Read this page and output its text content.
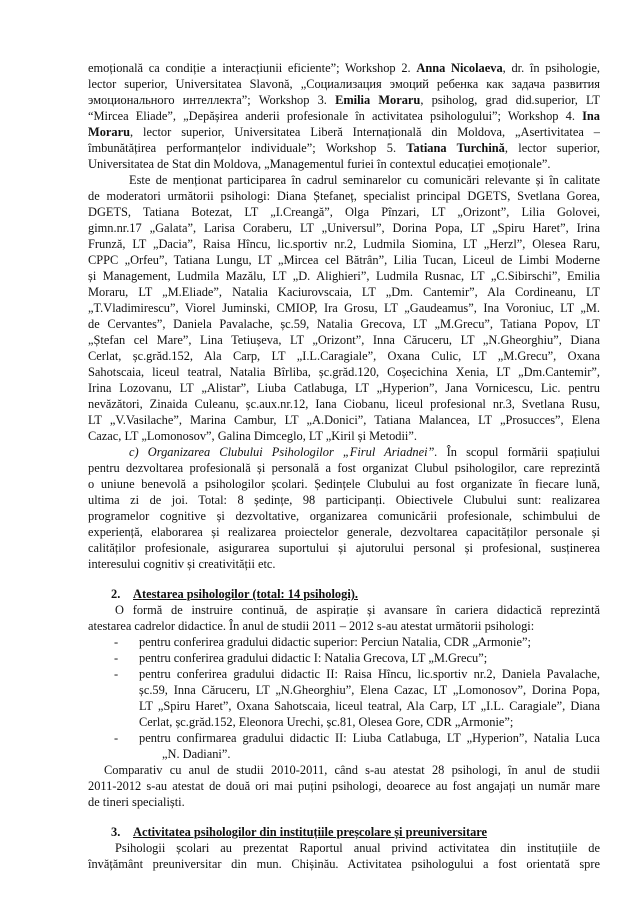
emoțională ca condiție a interacțiunii eficiente”; Workshop 2. Anna Nicolaeva, dr. în psihologie,
lector superior, Universitatea Slavonă, „Социализация эмоций ребенка как задача развития
эмоционального интеллекта”; Workshop 3. Emilia Moraru, psiholog, grad did.superior, LT
“Mircea Eliade”, „Depășirea anderii profesionale în activitatea psihologului”; Workshop 4. Ina
Moraru, lector superior, Universitatea Liberă Internațională din Moldova, „Asertivitatea –
îmbunătățirea performanțelor individuale”; Workshop 5. Tatiana Turchină, lector superior,
Universitatea de Stat din Moldova, „Managementul furiei în contextul educației emoționale”.
Este de menționat participarea în cadrul seminarelor cu comunicări relevante și în calitate
de moderatori următorii psihologi: Diana Ștefaneț, specialist principal DGETS, Svetlana Gorea,
DGETS, Tatiana Botezat, LT „I.Creangă”, Olga Pînzari, LT „Orizont”, Lilia Golovei,
gimn.nr.17 „Galata”, Larisa Coraberu, LT „Universul”, Dorina Popa, LT „Spiru Haret”, Irina
Frunză, LT „Dacia”, Raisa Hîncu, lic.sportiv nr.2, Ludmila Siomina, LT „Herzl”, Olesea Raru,
CPPC „Orfeu”, Tatiana Lungu, LT „Mircea cel Bătrân”, Lilia Tucan, Liceul de Limbi Moderne
și Management, Ludmila Mazălu, LT „D. Alighieri”, Ludmila Rusnac, LT „C.Sibirschi”, Emilia
Moraru, LT „M.Eliade”, Natalia Kaciurovscaia, LT „Dm. Cantemir”, Ala Cordineanu, LT
„T.Vladimirescu”, Viorel Juminski, CMIOP, Ira Grosu, LT „Gaudeamus”, Ina Voroniuc, LT „M.
de Cervantes”, Daniela Pavalache, șc.59, Natalia Grecova, LT „M.Grecu”, Tatiana Popov, LT
„Ștefan cel Mare”, Lina Tetiușeva, LT „Orizont”, Inna Căruceru, LT „N.Gheorghiu”, Diana
Cerlat, șc.grăd.152, Ala Carp, LT „I.L.Caragiale”, Oxana Culic, LT „M.Grecu”, Oxana
Sahotscaia, liceul teatral, Natalia Bîrliba, șc.grăd.120, Coșecichina Xenia, LT „Dm.Cantemir”,
Irina Lozovanu, LT „Alistar”, Liuba Catlabuga, LT „Hyperion”, Jana Vornicescu, Lic. pentru
nevăzători, Zinaida Culeanu, șc.aux.nr.12, Iana Ciobanu, liceul profesional nr.3, Svetlana Rusu,
LT „V.Vasilache”, Marina Cambur, LT „A.Donici”, Tatiana Malancea, LT „Prosucces”, Elena
Cazac, LT „Lomonosov”, Galina Dimceglo, LT „Kiril și Metodii”.
c) Organizarea Clubului Psihologilor „Firul Ariadnei”. În scopul formării spațiului
pentru dezvoltarea profesională și personală a fost organizat Clubul psihologilor, care reprezintă
o uniune benevolă a psihologilor școlari. Ședințele Clubului au fost organizate în fiecare lună,
ultima zi de joi. Total: 8 ședințe, 98 participanți. Obiectivele Clubului sunt: realizarea
programelor cognitive și dezvoltative, organizarea comunicării profesionale, schimbului de
experiență, elaborarea și realizarea proiectelor generale, dezvoltarea capacităților personale și
calităților profesionale, asigurarea suportului și ajutorului personal și profesional, susținerea
interesului cognitiv și creativității etc.
2. Atestarea psihologilor (total: 14 psihologi).
O formă de instruire continuă, de aspirație și avansare în cariera didactică reprezintă
atestarea cadrelor didactice. În anul de studii 2011 – 2012 s-au atestat următorii psihologi:
- pentru conferirea gradului didactic superior: Perciun Natalia, CDR „Armonie”;
- pentru conferirea gradului didactic I: Natalia Grecova, LT „M.Grecu”;
- pentru conferirea gradului didactic II: Raisa Hîncu, lic.sportiv nr.2, Daniela Pavalache,
șc.59, Inna Căruceru, LT „N.Gheorghiu”, Elena Cazac, LT „Lomonosov”, Dorina Popa,
LT „Spiru Haret”, Oxana Sahotscaia, liceul teatral, Ala Carp, LT „I.L. Caragiale”, Diana
Cerlat, șc.grăd.152, Eleonora Urechi, șc.81, Olesea Gore, CDR „Armonie”;
- pentru confirmarea gradului didactic II: Liuba Catlabuga, LT „Hyperion”, Natalia Luca
„N. Dadiani”.
Comparativ cu anul de studii 2010-2011, când s-au atestat 28 psihologi, în anul de studii
2011-2012 s-au atestat de două ori mai puțini psihologi, deoarece au fost angajați un număr mare
de tineri specialiști.
3. Activitatea psihologilor din instituțiile preșcolare și preuniversitare
Psihologii școlari au prezentat Raportul anual privind activitatea din instituțiile de
învățământ preuniversitar din mun. Chișinău. Activitatea psihologului a fost orientată spre
